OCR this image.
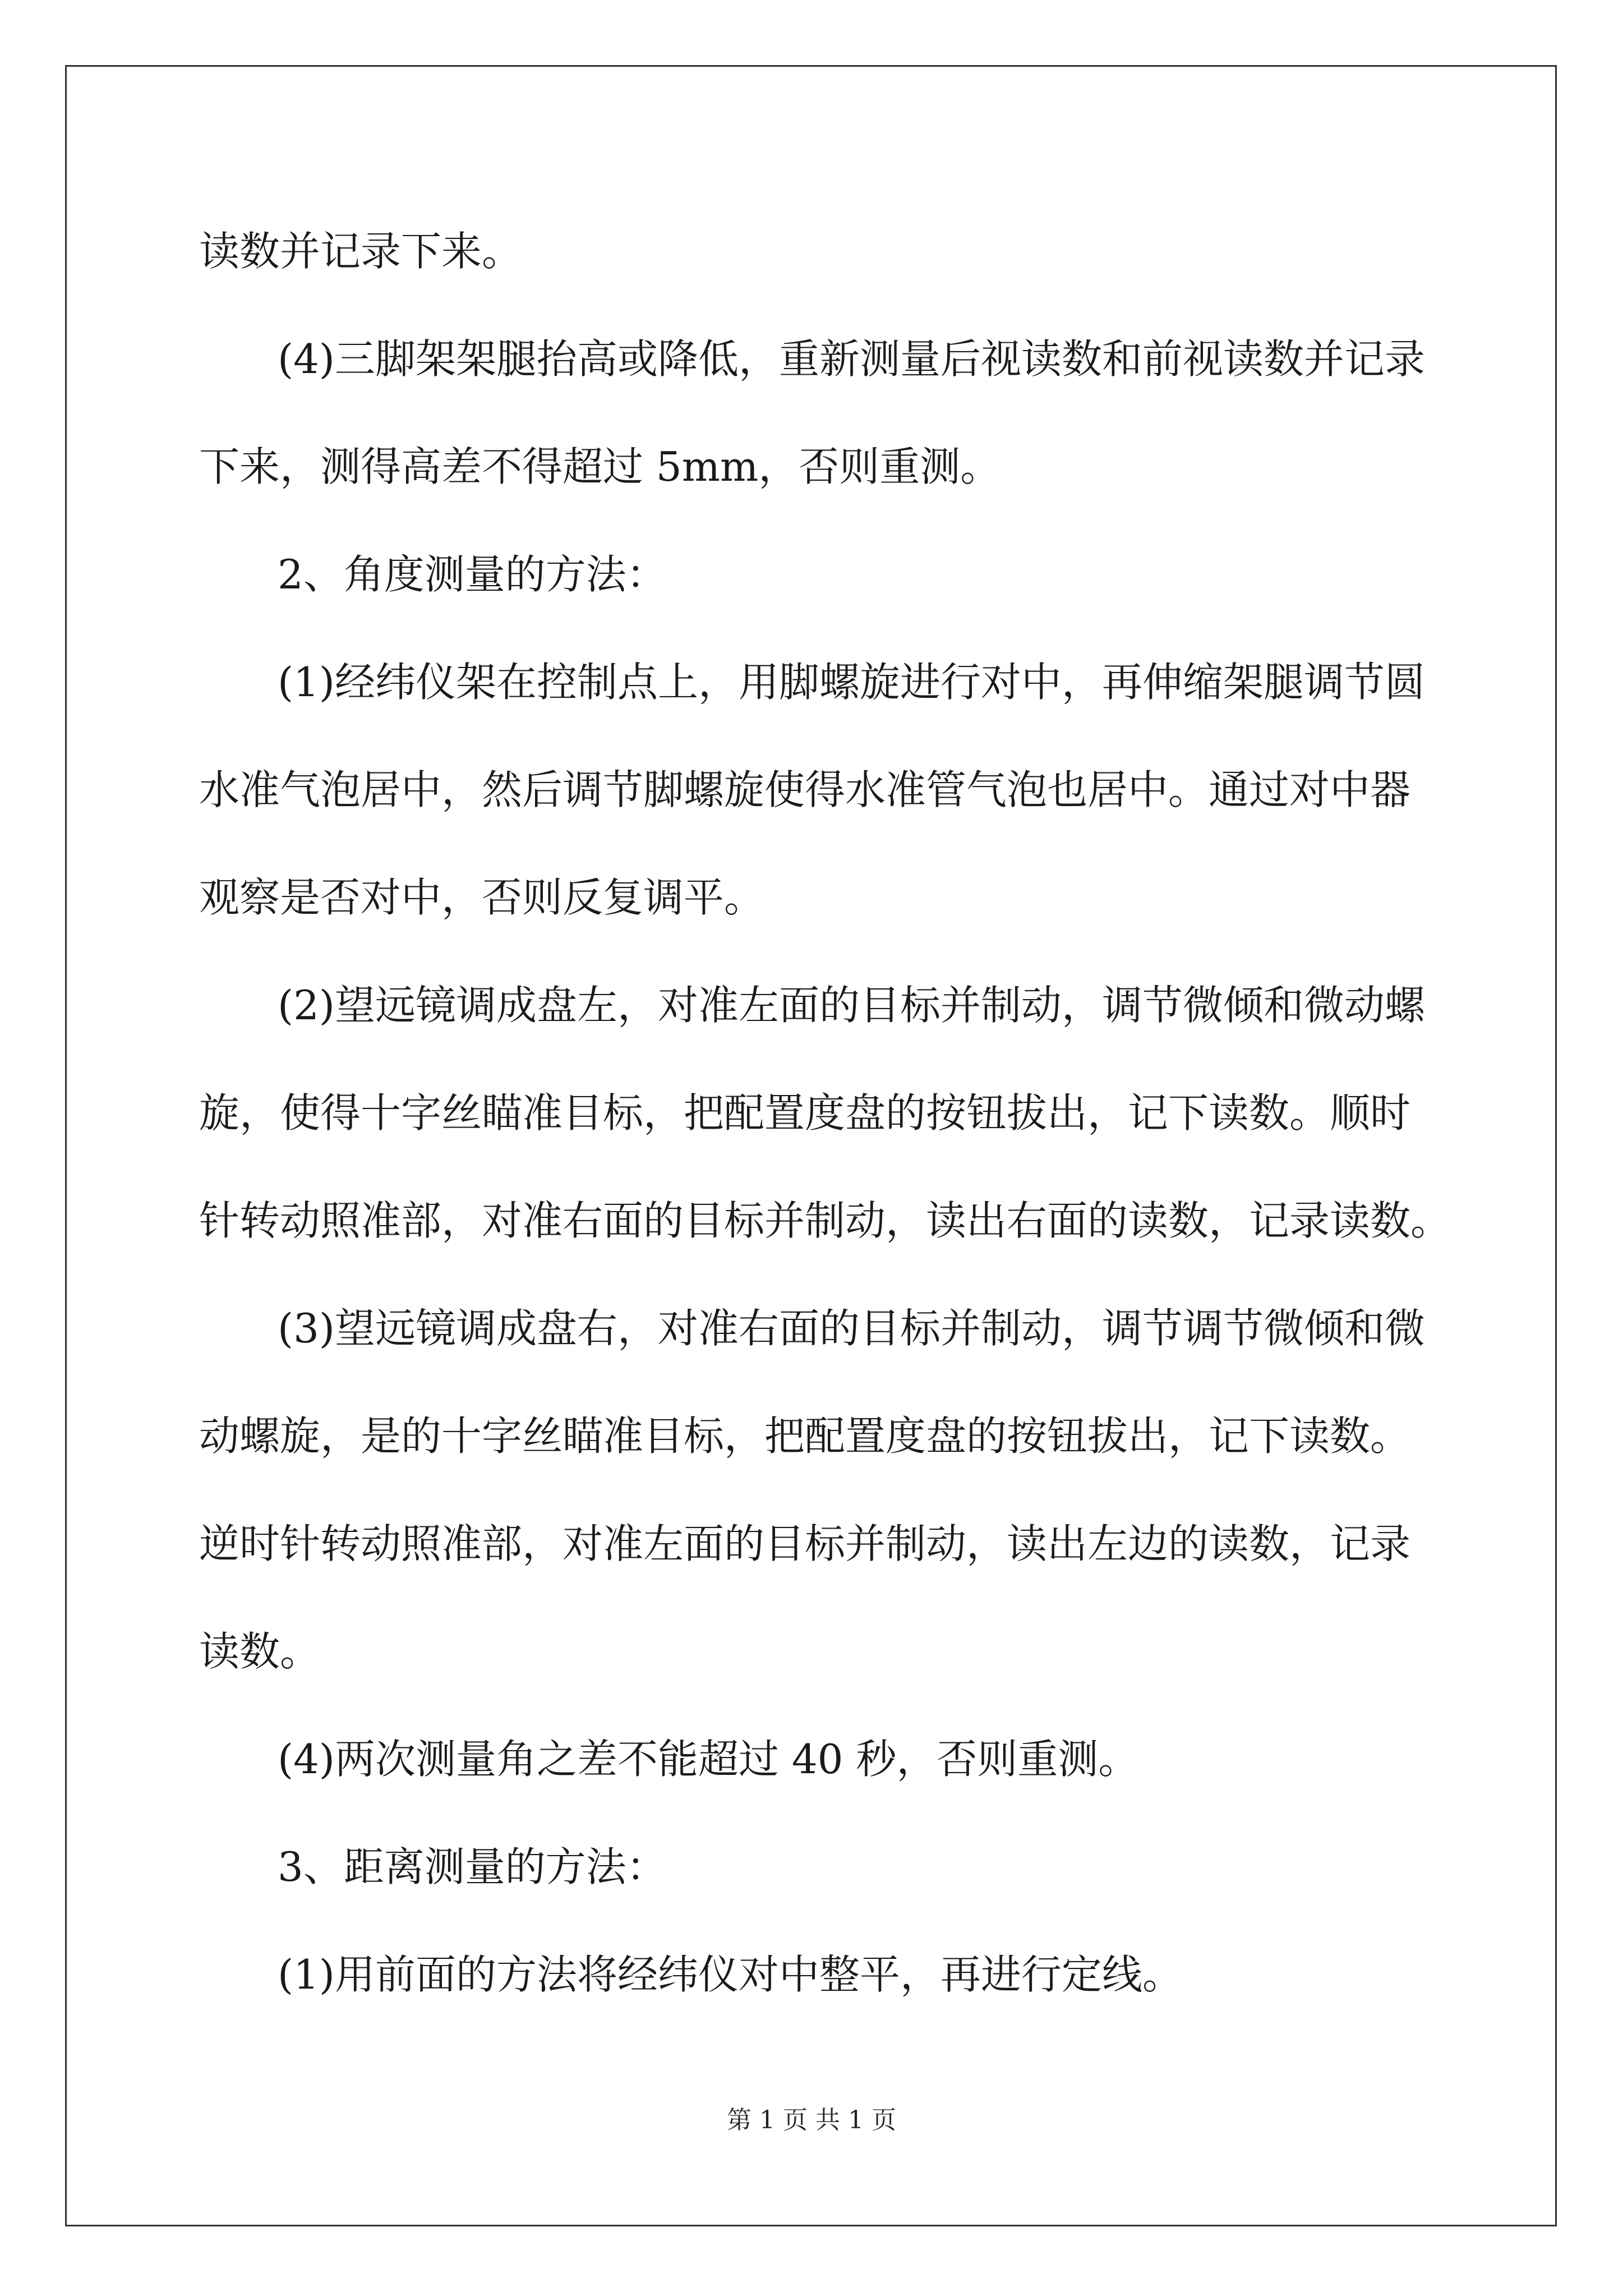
读数并记录下来。
(4)三脚架架腿抬高或降低，重新测量后视读数和前视读数并记录
下来，测得高差不得超过 5mm，否则重测。
2、角度测量的方法：
(1)经纬仪架在控制点上，用脚螺旋进行对中，再伸缩架腿调节圆
水准气泡居中，然后调节脚螺旋使得水准管气泡也居中。通过对中器
观察是否对中，否则反复调平。
(2)望远镜调成盘左，对准左面的目标并制动，调节微倾和微动螺
旋，使得十字丝瞄准目标，把配置度盘的按钮拔出，记下读数。顺时
针转动照准部，对准右面的目标并制动，读出右面的读数，记录读数。
(3)望远镜调成盘右，对准右面的目标并制动，调节调节微倾和微
动螺旋，是的十字丝瞄准目标，把配置度盘的按钮拔出，记下读数。
逆时针转动照准部，对准左面的目标并制动，读出左边的读数，记录
读数。
(4)两次测量角之差不能超过 40 秒，否则重测。
3、距离测量的方法：
(1)用前面的方法将经纬仪对中整平，再进行定线。
第 1 页 共 1 页
